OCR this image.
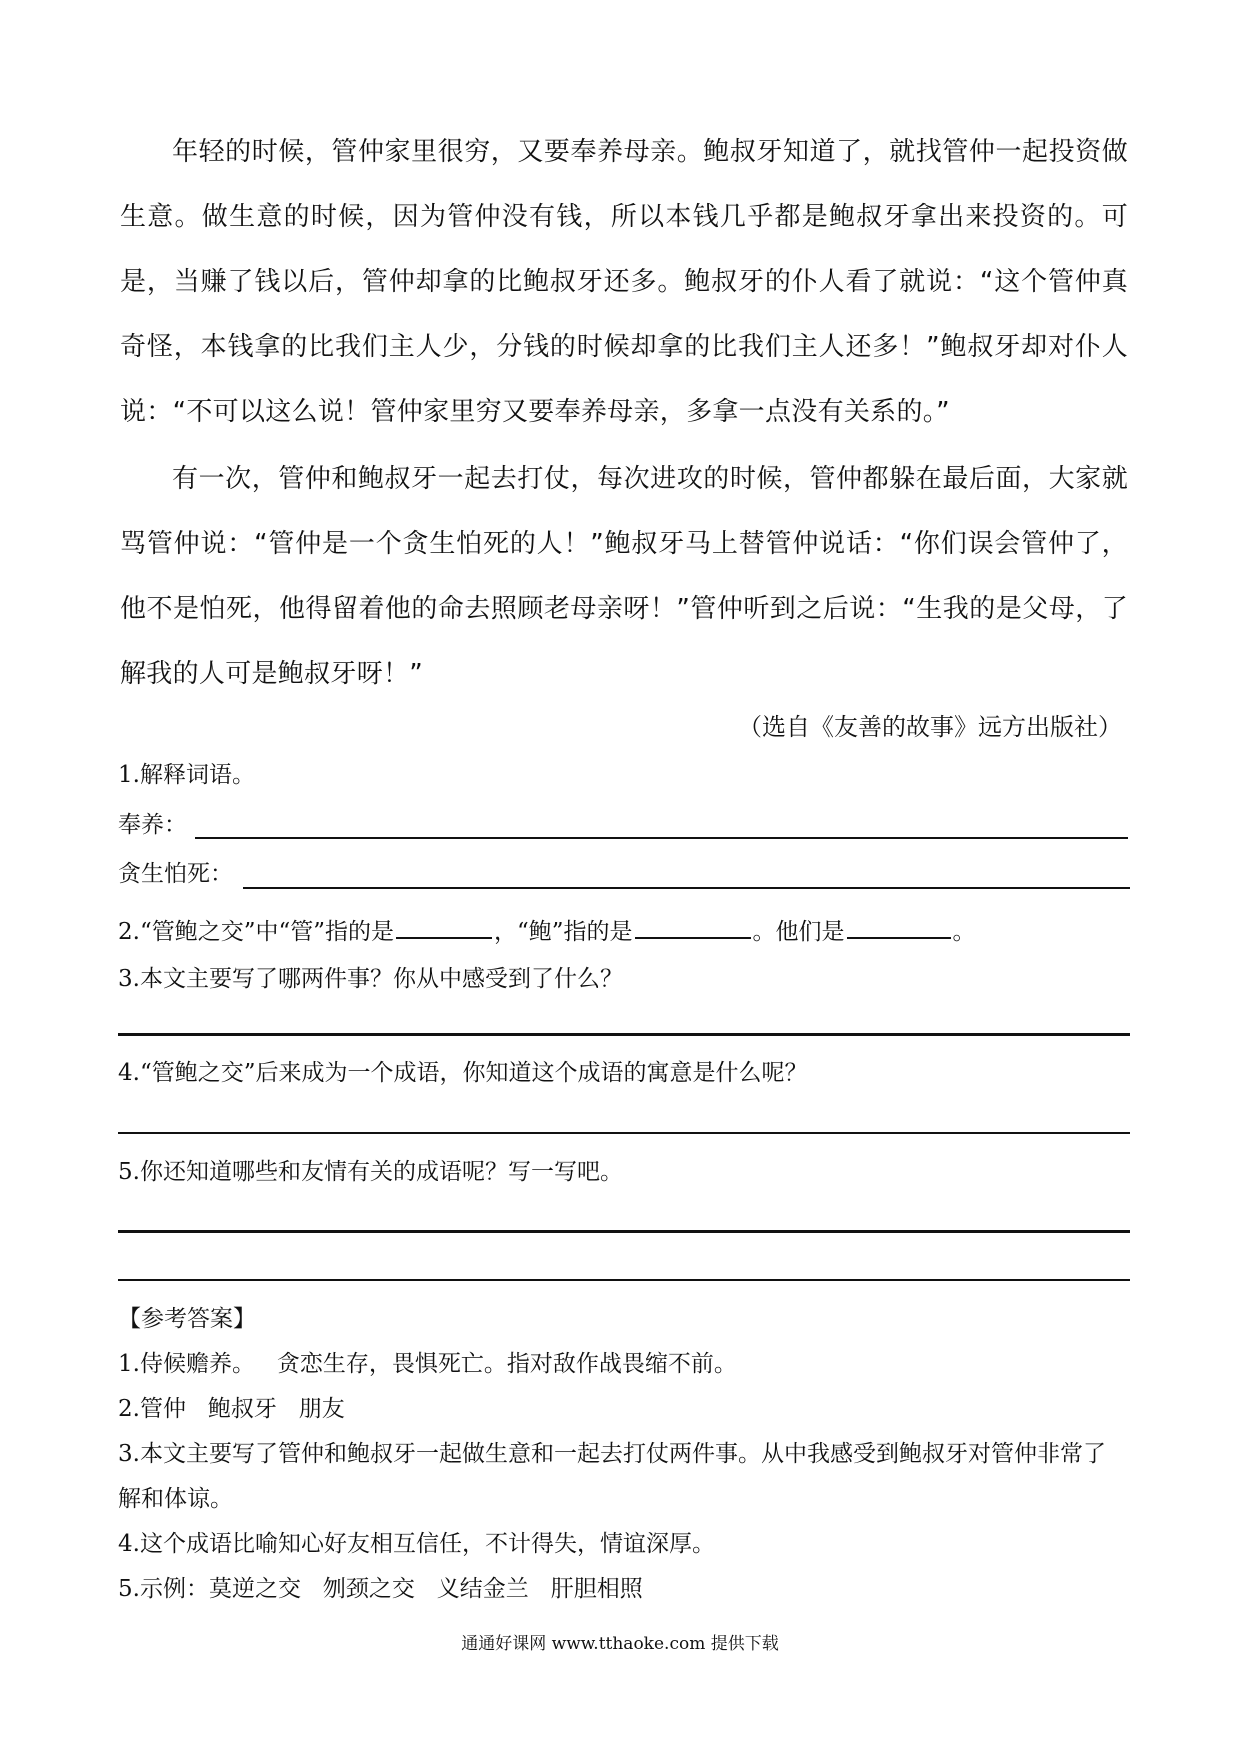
年轻的时候，管仲家里很穷，又要奉养母亲。鲍叔牙知道了，就找管仲一起投资做生意。做生意的时候，因为管仲没有钱，所以本钱几乎都是鲍叔牙拿出来投资的。可是，当赚了钱以后，管仲却拿的比鲍叔牙还多。鲍叔牙的仆人看了就说：“这个管仲真奇怪，本钱拿的比我们主人少，分钱的时候却拿的比我们主人还多！”鲍叔牙却对仆人说：“不可以这么说！管仲家里穷又要奉养母亲，多拿一点没有关系的。”

有一次，管仲和鲍叔牙一起去打仗，每次进攻的时候，管仲都躲在最后面，大家就骂管仲说：“管仲是一个贪生怕死的人！”鲍叔牙马上替管仲说话：“你们误会管仲了，他不是怕死，他得留着他的命去照顾老母亲呀！”管仲听到之后说：“生我的是父母，了解我的人可是鲍叔牙呀！”

（选自《友善的故事》远方出版社）
1.解释词语。
奉养：
贪生怕死：
2.“管鲍之交”中“管”指的是	，“鲍”指的是	。他们是	。
3.本文主要写了哪两件事？你从中感受到了什么？
4.“管鲍之交”后来成为一个成语，你知道这个成语的寓意是什么呢？
5.你还知道哪些和友情有关的成语呢？写一写吧。

【参考答案】

1.侍候赡养。   贪恋生存，畏惧死亡。指对敌作战畏缩不前。

2.管仲   鲍叔牙   朋友

3.本文主要写了管仲和鲍叔牙一起做生意和一起去打仗两件事。从中我感受到鲍叔牙对管仲非常了解和体谅。

4.这个成语比喻知心好友相互信任，不计得失，情谊深厚。

5.示例：莫逆之交   刎颈之交   义结金兰   肝胆相照

通通好课网 www.tthaoke.com 提供下载
